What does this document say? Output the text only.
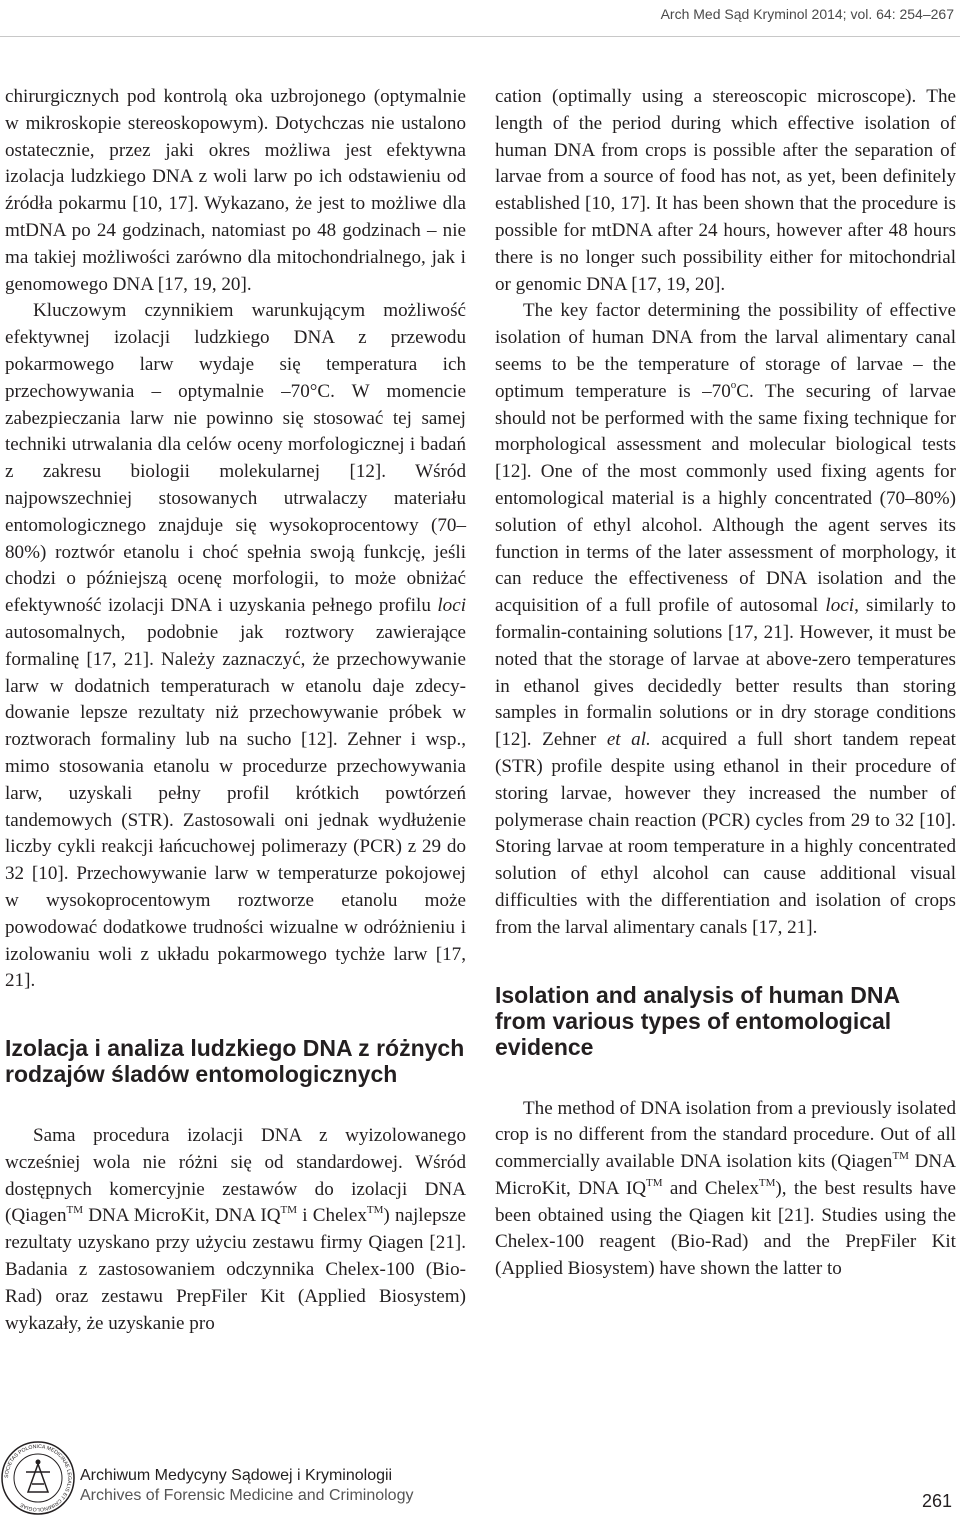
Arch Med Sąd Kryminol 2014; vol. 64: 254–267

chirurgicznych pod kontrolą oka uzbrojonego (optymalnie w mikroskopie stereoskopowym). Dotychczas nie ustalono ostatecznie, przez jaki okres możliwa jest efektywna izolacja ludzkiego DNA z woli larw po ich odstawieniu od źródła pokarmu [10, 17]. Wykazano, że jest to możliwe dla mtDNA po 24 godzinach, natomiast po 48 godzinach – nie ma takiej możliwości zarówno dla mitochondrialnego, jak i genomowego DNA [17, 19, 20].

Kluczowym czynnikiem warunkującym możliwość efektywnej izolacji ludzkiego DNA z przewodu pokarmowego larw wydaje się temperatura ich przechowywania – optymalnie –70°C. W momencie zabezpieczania larw nie powinno się stosować tej samej techniki utrwalania dla celów oceny morfologicznej i badań z zakresu biologii molekularnej [12]. Wśród najpowszechniej stosowanych utrwalaczy materiału entomologicznego znajduje się wysokoprocentowy (70–80%) roztwór etanolu i choć spełnia swoją funkcję, jeśli chodzi o późniejszą ocenę morfologii, to może obniżać efektywność izolacji DNA i uzyskania pełnego profilu loci autosomalnych, podobnie jak roztwory zawierające formalinę [17, 21]. Należy zaznaczyć, że przechowywanie larw w dodatnich temperaturach w etanolu daje zdecydowanie lepsze rezultaty niż przechowywanie próbek w roztworach formaliny lub na sucho [12]. Zehner i wsp., mimo stosowania etanolu w procedurze przechowywania larw, uzyskali pełny profil krótkich powtórzeń tandemowych (STR). Zastosowali oni jednak wydłużenie liczby cykli reakcji łańcuchowej polimerazy (PCR) z 29 do 32 [10]. Przechowywanie larw w temperaturze pokojowej w wysokoprocentowym roztworze etanolu może powodować dodatkowe trudności wizualne w odróżnieniu i izolowaniu woli z układu pokarmowego tychże larw [17, 21].

Izolacja i analiza ludzkiego DNA z różnych rodzajów śladów entomologicznych

Sama procedura izolacji DNA z wyizolowanego wcześniej wola nie różni się od standardowej. Wśród dostępnych komercyjnie zestawów do izolacji DNA (Qiagen™ DNA MicroKit, DNA IQ™ i Chelex™) najlepsze rezultaty uzyskano przy użyciu zestawu firmy Qiagen [21]. Badania z zastosowaniem odczynnika Chelex-100 (Bio-Rad) oraz zestawu PrepFiler Kit (Applied Biosystem) wykazały, że uzyskanie pro

cation (optimally using a stereoscopic microscope). The length of the period during which effective isolation of human DNA from crops is possible after the separation of larvae from a source of food has not, as yet, been definitely established [10, 17]. It has been shown that the procedure is possible for mtDNA after 24 hours, however after 48 hours there is no longer such possibility either for mitochondrial or genomic DNA [17, 19, 20].

The key factor determining the possibility of effective isolation of human DNA from the larval alimentary canal seems to be the temperature of storage of larvae – the optimum temperature is –70$^o$C. The securing of larvae should not be performed with the same fixing technique for morphological assessment and molecular biological tests [12]. One of the most commonly used fixing agents for entomological material is a highly concentrated (70–80%) solution of ethyl alcohol. Although the agent serves its function in terms of the later assessment of morphology, it can reduce the effectiveness of DNA isolation and the acquisition of a full profile of autosomal loci, similarly to formalin-containing solutions [17, 21]. However, it must be noted that the storage of larvae at above-zero temperatures in ethanol gives decidedly better results than storing samples in formalin solutions or in dry storage conditions [12]. Zehner et al. acquired a full short tandem repeat (STR) profile despite using ethanol in their procedure of storing larvae, however they increased the number of polymerase chain reaction (PCR) cycles from 29 to 32 [10]. Storing larvae at room temperature in a highly concentrated solution of ethyl alcohol can cause additional visual difficulties with the differentiation and isolation of crops from the larval alimentary canals [17, 21].

Isolation and analysis of human DNA from various types of entomological evidence

The method of DNA isolation from a previously isolated crop is no different from the standard procedure. Out of all commercially available DNA isolation kits (Qiagen™ DNA MicroKit, DNA IQ™ and Chelex™), the best results have been obtained using the Qiagen kit [21]. Studies using the Chelex-100 reagent (Bio-Rad) and the PrepFiler Kit (Applied Biosystem) have shown the latter to

SOCIETAS POLONICA MEDICINAE LEGALIS ET CRIMINOLOGIAE
Archiwum Medycyny Sądowej i Kryminologii
Archives of Forensic Medicine and Criminology	261
